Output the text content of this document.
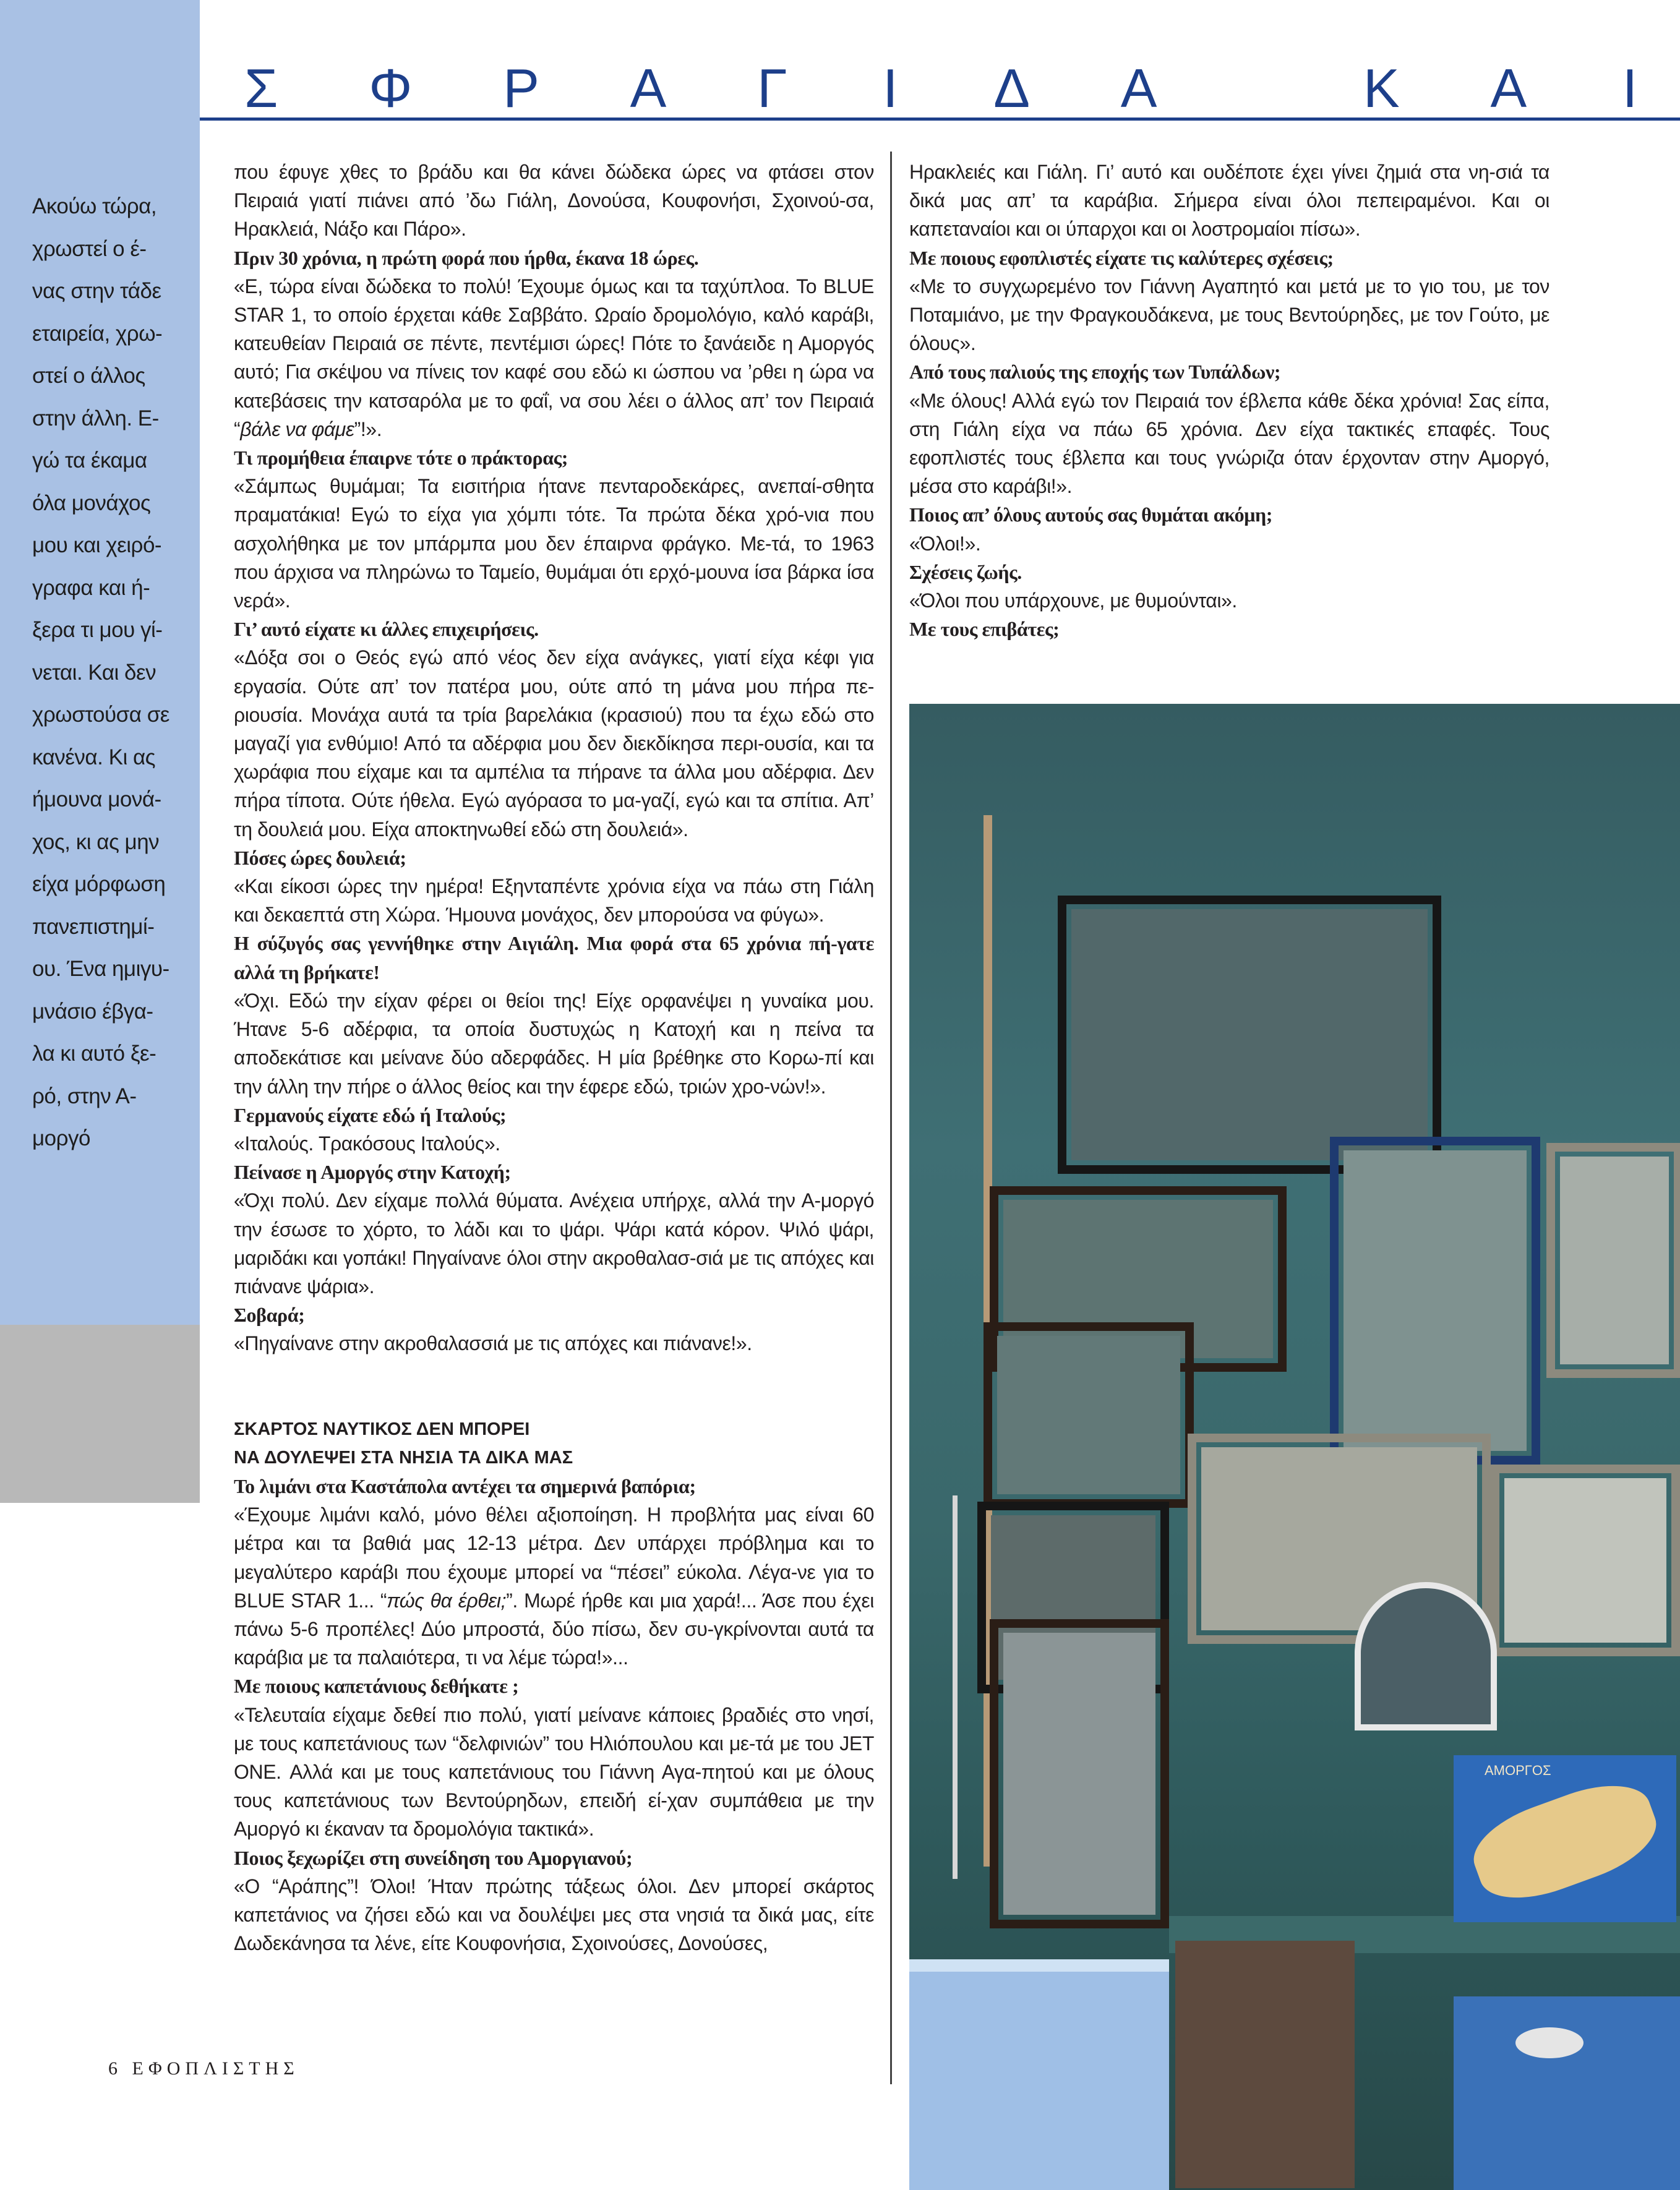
Ακούω τώρα,
χρωστεί ο έ-
νας στην τάδε
εταιρεία, χρω-
στεί ο άλλος
στην άλλη. Ε-
γώ τα έκαμα
όλα μονάχος
μου και χειρό-
γραφα και ή-
ξερα τι μου γί-
νεται. Και δεν
χρωστούσα σε
κανένα. Κι ας
ήμουνα μονά-
χος, κι ας μην
είχα μόρφωση
πανεπιστημί-
ου. Ένα ημιγυ-
μνάσιο έβγα-
λα κι αυτό ξε-
ρό, στην Α-
μοργό
Σ Φ Ρ Α Γ Ι Δ Α	Κ Α Ι

που έφυγε χθες το βράδυ και θα κάνει δώδεκα ώρες να φτάσει στον Πειραιά γιατί πιάνει από ’δω Γιάλη, Δονούσα, Κουφονήσι, Σχοινού-σα, Ηρακλειά, Νάξο και Πάρο».

Πριν 30 χρόνια, η πρώτη φορά που ήρθα, έκανα 18 ώρες.

«Ε, τώρα είναι δώδεκα το πολύ! Έχουμε όμως και τα ταχύπλοα. Το BLUE STAR 1, το οποίο έρχεται κάθε Σαββάτο. Ωραίο δρομολόγιο, καλό καράβι, κατευθείαν Πειραιά σε πέντε, πεντέμισι ώρες! Πότε το ξανάειδε η Αμοργός αυτό; Για σκέψου να πίνεις τον καφέ σου εδώ κι ώσπου να ’ρθει η ώρα να κατεβάσεις την κατσαρόλα με το φαΐ, να σου λέει ο άλλος απ’ τον Πειραιά “βάλε να φάμε”!».

Τι προμήθεια έπαιρνε τότε ο πράκτορας;

«Σάμπως θυμάμαι; Τα εισιτήρια ήτανε πενταροδεκάρες, ανεπαί-σθητα πραματάκια! Εγώ το είχα για χόμπι τότε. Τα πρώτα δέκα χρό-νια που ασχολήθηκα με τον μπάρμπα μου δεν έπαιρνα φράγκο. Με-τά, το 1963 που άρχισα να πληρώνω το Ταμείο, θυμάμαι ότι ερχό-μουνα ίσα βάρκα ίσα νερά».

Γι’ αυτό είχατε κι άλλες επιχειρήσεις.

«Δόξα σοι ο Θεός εγώ από νέος δεν είχα ανάγκες, γιατί είχα κέφι για εργασία. Ούτε απ’ τον πατέρα μου, ούτε από τη μάνα μου πήρα πε-ριουσία. Μονάχα αυτά τα τρία βαρελάκια (κρασιού) που τα έχω εδώ στο μαγαζί για ενθύμιο! Από τα αδέρφια μου δεν διεκδίκησα περι-ουσία, και τα χωράφια που είχαμε και τα αμπέλια τα πήρανε τα άλλα μου αδέρφια. Δεν πήρα τίποτα. Ούτε ήθελα. Εγώ αγόρασα το μα-γαζί, εγώ και τα σπίτια. Απ’ τη δουλειά μου. Είχα αποκτηνωθεί εδώ στη δουλειά».

Πόσες ώρες δουλειά;

«Και είκοσι ώρες την ημέρα! Εξηνταπέντε χρόνια είχα να πάω στη Γιάλη και δεκαεπτά στη Χώρα. Ήμουνα μονάχος, δεν μπορούσα να φύγω».

Η σύζυγός σας γεννήθηκε στην Αιγιάλη. Μια φορά στα 65 χρόνια πή-γατε αλλά τη βρήκατε!

«Όχι. Εδώ την είχαν φέρει οι θείοι της! Είχε ορφανέψει η γυναίκα μου. Ήτανε 5-6 αδέρφια, τα οποία δυστυχώς η Κατοχή και η πείνα τα αποδεκάτισε και μείνανε δύο αδερφάδες. Η μία βρέθηκε στο Κορω-πί και την άλλη την πήρε ο άλλος θείος και την έφερε εδώ, τριών χρο-νών!».

Γερμανούς είχατε εδώ ή Ιταλούς;

«Ιταλούς. Τρακόσους Ιταλούς».

Πείνασε η Αμοργός στην Κατοχή;

«Όχι πολύ. Δεν είχαμε πολλά θύματα. Ανέχεια υπήρχε, αλλά την Α-μοργό την έσωσε το χόρτο, το λάδι και το ψάρι. Ψάρι κατά κόρον. Ψιλό ψάρι, μαριδάκι και γοπάκι! Πηγαίνανε όλοι στην ακροθαλασ-σιά με τις απόχες και πιάνανε ψάρια».

Σοβαρά;

«Πηγαίνανε στην ακροθαλασσιά με τις απόχες και πιάνανε!».

ΣΚΑΡΤΟΣ ΝΑΥΤΙΚΟΣ ΔΕΝ ΜΠΟΡΕΙ

ΝΑ ΔΟΥΛΕΨΕΙ ΣΤΑ ΝΗΣΙΑ ΤΑ ΔΙΚΑ ΜΑΣ

Το λιμάνι στα Καστάπολα αντέχει τα σημερινά βαπόρια;

«Έχουμε λιμάνι καλό, μόνο θέλει αξιοποίηση. Η προβλήτα μας είναι 60 μέτρα και τα βαθιά μας 12-13 μέτρα. Δεν υπάρχει πρόβλημα και το μεγαλύτερο καράβι που έχουμε μπορεί να “πέσει” εύκολα. Λέγα-νε για το BLUE STAR 1... “πώς θα έρθει;”. Μωρέ ήρθε και μια χαρά!... Άσε που έχει πάνω 5-6 προπέλες! Δύο μπροστά, δύο πίσω, δεν συ-γκρίνονται αυτά τα καράβια με τα παλαιότερα, τι να λέμε τώρα!»...

Με ποιους καπετάνιους δεθήκατε ;

«Τελευταία είχαμε δεθεί πιο πολύ, γιατί μείνανε κάποιες βραδιές στο νησί, με τους καπετάνιους των “δελφινιών” του Ηλιόπουλου και με-τά με του JET ONE. Αλλά και με τους καπετάνιους του Γιάννη Αγα-πητού και με όλους τους καπετάνιους των Βεντούρηδων, επειδή εί-χαν συμπάθεια με την Αμοργό κι έκαναν τα δρομολόγια τακτικά».

Ποιος ξεχωρίζει στη συνείδηση του Αμοργιανού;

«Ο “Αράπης”! Όλοι! Ήταν πρώτης τάξεως όλοι. Δεν μπορεί σκάρτος καπετάνιος να ζήσει εδώ και να δουλέψει μες στα νησιά τα δικά μας, είτε Δωδεκάνησα τα λένε, είτε Κουφονήσια, Σχοινούσες, Δονούσες,

Ηρακλειές και Γιάλη. Γι’ αυτό και ουδέποτε έχει γίνει ζημιά στα νη-σιά τα δικά μας απ’ τα καράβια. Σήμερα είναι όλοι πεπειραμένοι. Και οι καπεταναίοι και οι ύπαρχοι και οι λοστρομαίοι πίσω».

Με ποιους εφοπλιστές είχατε τις καλύτερες σχέσεις;

«Με το συγχωρεμένο τον Γιάννη Αγαπητό και μετά με το γιο του, με τον Ποταμιάνο, με την Φραγκουδάκενα, με τους Βεντούρηδες, με τον Γούτο, με όλους».

Από τους παλιούς της εποχής των Τυπάλδων;

«Με όλους! Αλλά εγώ τον Πειραιά τον έβλεπα κάθε δέκα χρόνια! Σας είπα, στη Γιάλη είχα να πάω 65 χρόνια. Δεν είχα τακτικές επαφές. Τους εφοπλιστές τους έβλεπα και τους γνώριζα όταν έρχονταν στην Αμοργό, μέσα στο καράβι!».

Ποιος απ’ όλους αυτούς σας θυμάται ακόμη;

«Όλοι!».

Σχέσεις ζωής.

«Όλοι που υπάρχουνε, με θυμούνται».

Με τους επιβάτες;

ΑΜΟΡΓΟΣ
6 ΕΦΟΠΛΙΣΤΗΣ
